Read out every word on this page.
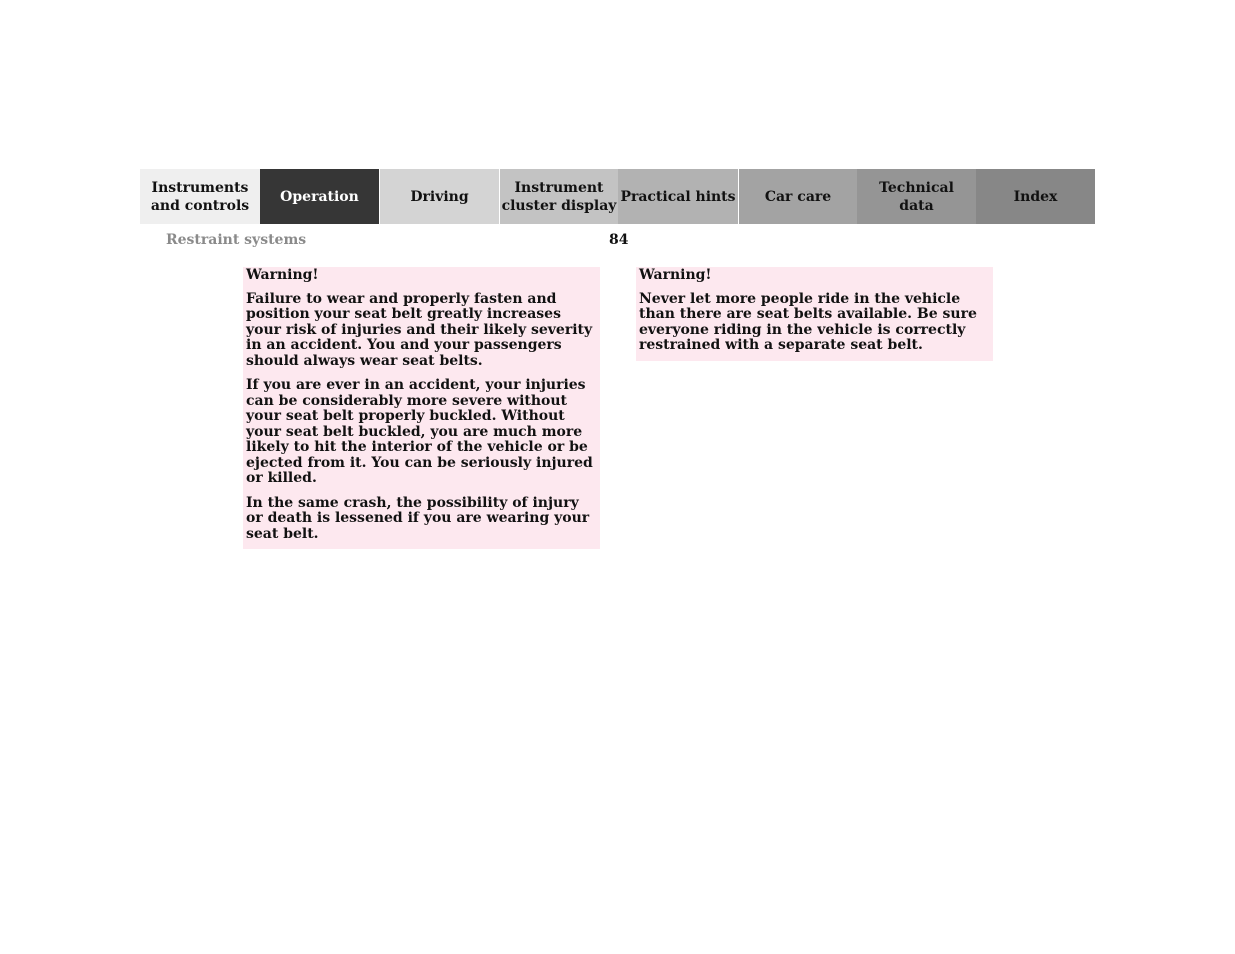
Instruments
and controls
Operation	Driving
Instrument
cluster display
Practical hints	Car care
Technical
data
Index
Restraint systems	84
Warning!

Failure to wear and properly fasten and position your seat belt greatly increases your risk of injuries and their likely severity in an accident. You and your passengers should always wear seat belts.

If you are ever in an accident, your injuries can be considerably more severe without your seat belt properly buckled. Without your seat belt buckled, you are much more likely to hit the interior of the vehicle or be ejected from it. You can be seriously injured or killed.

In the same crash, the possibility of injury or death is lessened if you are wearing your seat belt.

Warning!

Never let more people ride in the vehicle than there are seat belts available. Be sure everyone riding in the vehicle is correctly restrained with a separate seat belt.
